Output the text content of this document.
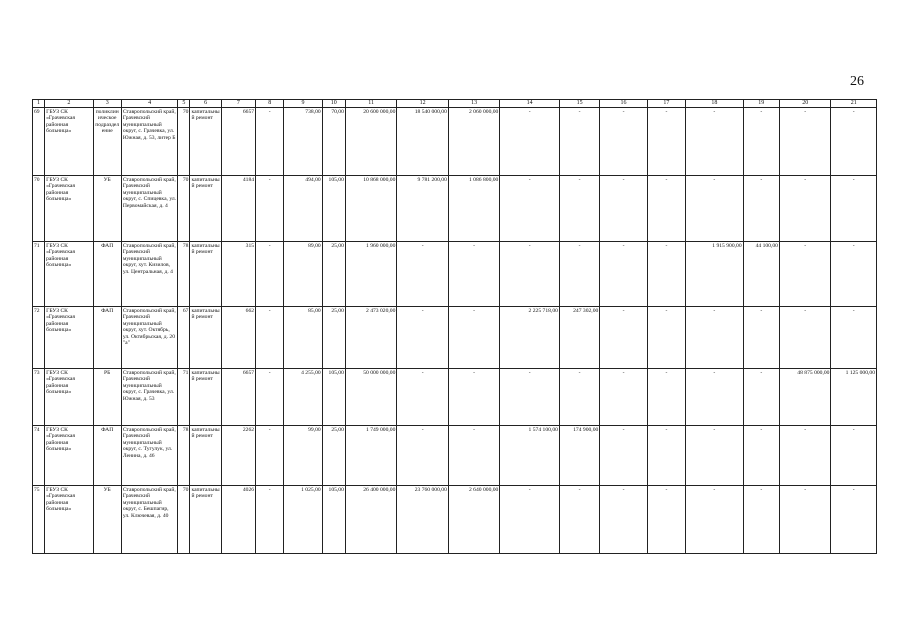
26
1	2	3	4	5	6	7	8	9	10	11	12	13	14	15	16	17	18	19	20	21
69	ГБУЗ СК «Грачевская районная больница»	поликлиническое подразделение	Ставропольский край, Грачевский муниципальный округ, с. Грачевка, ул. Южная, д. 53, литер Б	70	капитальный ремонт	6657	-	738,00	70,00	20 600 000,00	18 540 000,00	2 060 000,00	-	-	-	-	-	-	-	-
70	ГБУЗ СК «Грачевская районная больница»	УБ	Ставропольский край, Грачевский муниципальный округ, с. Спицевка, ул. Первомайская, д. 4	70	капитальный ремонт	4184	-	494,00	105,00	10 868 000,00	9 781 200,00	1 086 800,00	-	-	-	-	-	-	-	-
71	ГБУЗ СК «Грачевская районная больница»	ФАП	Ставропольский край, Грачевский муниципальный округ, хут. Кизилов, ул. Центральная, д. 4	78	капитальный ремонт	315	-	89,00	25,00	1 960 000,00	-	-	-	-	-	-	1 915 900,00	44 100,00	-	-
72	ГБУЗ СК «Грачевская районная больница»	ФАП	Ставропольский край, Грачевский муниципальный округ, хут. Октябрь, ул. Октябрьская, д. 20 "а"	67	капитальный ремонт	662	-	85,00	25,00	2 473 020,00	-	-	2 225 718,00	247 302,00	-	-	-	-	-	-
73	ГБУЗ СК «Грачевская районная больница»	РБ	Ставропольский край, Грачевский муниципальный округ, с. Грачевка, ул. Южная, д. 53	71	капитальный ремонт	6657	-	4 255,00	105,00	50 000 000,00	-	-	-	-	-	-	-	-	48 875 000,00	1 125 000,00
74	ГБУЗ СК «Грачевская районная больница»	ФАП	Ставропольский край, Грачевский муниципальный округ, с. Тугулук, ул. Ленина, д. 46	78	капитальный ремонт	2262	-	99,00	25,00	1 749 000,00	-	-	1 574 100,00	174 900,00	-	-	-	-	-	-
75	ГБУЗ СК «Грачевская районная больница»	УБ	Ставропольский край, Грачевский муниципальный округ, с. Бешпагир, ул. Ключевая, д. 40	70	капитальный ремонт	4026	-	1 025,00	105,00	26 400 000,00	23 760 000,00	2 640 000,00	-	-	-	-	-	-	-	-
